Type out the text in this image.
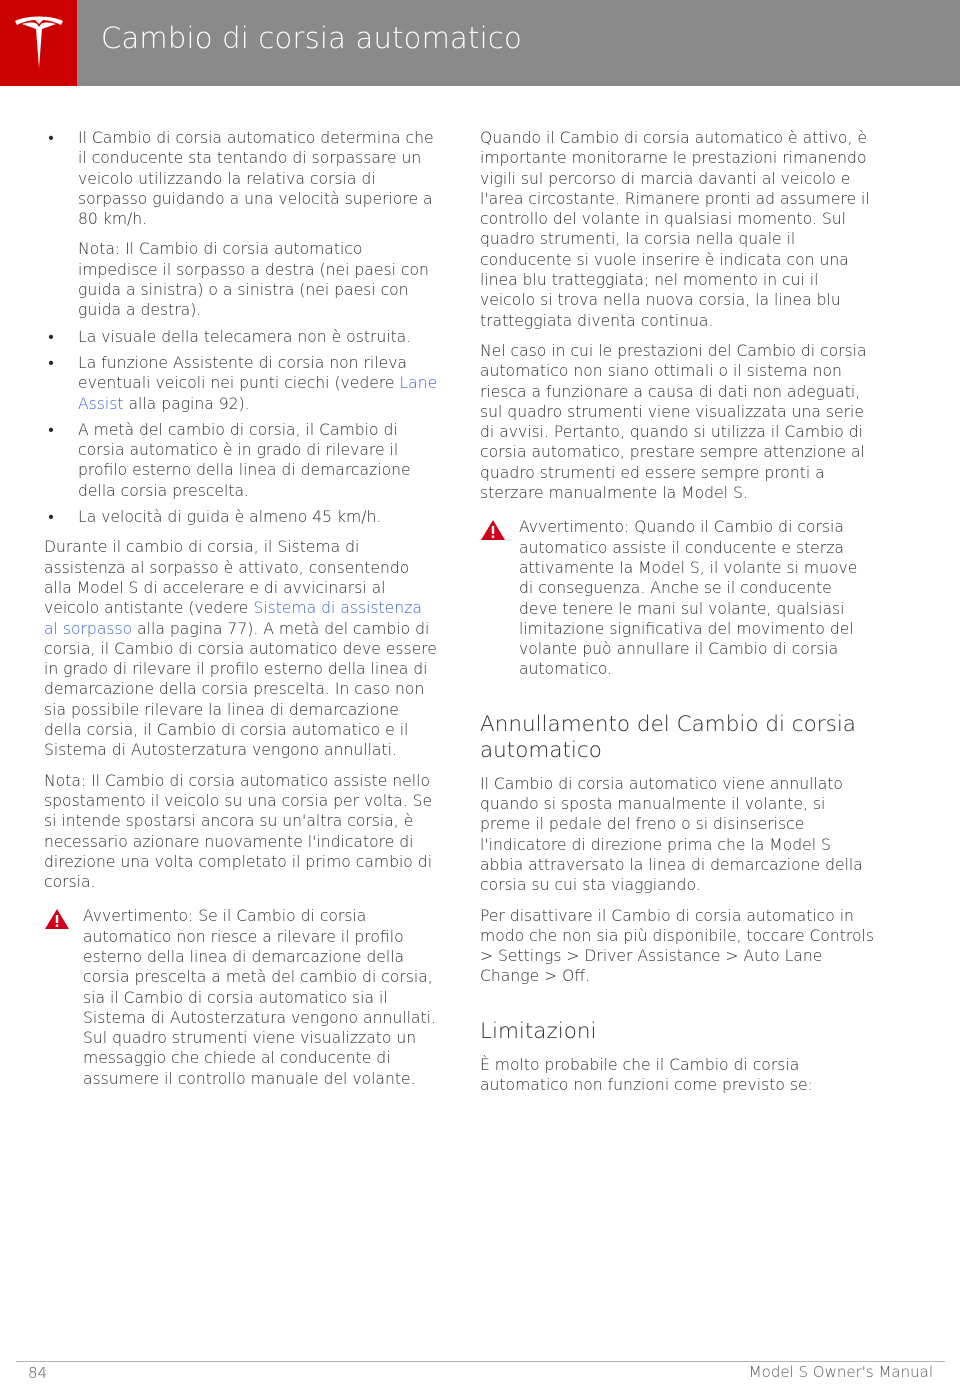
Cambio di corsia automatico
• Il Cambio di corsia automatico determina che il conducente sta tentando di sorpassare un veicolo utilizzando la relativa corsia di sorpasso guidando a una velocità superiore a 80 km/h.
Nota: Il Cambio di corsia automatico impedisce il sorpasso a destra (nei paesi con guida a sinistra) o a sinistra (nei paesi con guida a destra).
• La visuale della telecamera non è ostruita.
• La funzione Assistente di corsia non rileva eventuali veicoli nei punti ciechi (vedere Lane Assist alla pagina 92).
• A metà del cambio di corsia, il Cambio di corsia automatico è in grado di rilevare il profilo esterno della linea di demarcazione della corsia prescelta.
• La velocità di guida è almeno 45 km/h.

Durante il cambio di corsia, il Sistema di assistenza al sorpasso è attivato, consentendo alla Model S di accelerare e di avvicinarsi al veicolo antistante (vedere Sistema di assistenza al sorpasso alla pagina 77). A metà del cambio di corsia, il Cambio di corsia automatico deve essere in grado di rilevare il profilo esterno della linea di demarcazione della corsia prescelta. In caso non sia possibile rilevare la linea di demarcazione della corsia, il Cambio di corsia automatico e il Sistema di Autosterzatura vengono annullati.

Nota: Il Cambio di corsia automatico assiste nello spostamento il veicolo su una corsia per volta. Se si intende spostarsi ancora su un'altra corsia, è necessario azionare nuovamente l'indicatore di direzione una volta completato il primo cambio di corsia.

Avvertimento: Se il Cambio di corsia automatico non riesce a rilevare il profilo esterno della linea di demarcazione della corsia prescelta a metà del cambio di corsia, sia il Cambio di corsia automatico sia il Sistema di Autosterzatura vengono annullati. Sul quadro strumenti viene visualizzato un messaggio che chiede al conducente di assumere il controllo manuale del volante.

Quando il Cambio di corsia automatico è attivo, è importante monitorarne le prestazioni rimanendo vigili sul percorso di marcia davanti al veicolo e l'area circostante. Rimanere pronti ad assumere il controllo del volante in qualsiasi momento. Sul quadro strumenti, la corsia nella quale il conducente si vuole inserire è indicata con una linea blu tratteggiata; nel momento in cui il veicolo si trova nella nuova corsia, la linea blu tratteggiata diventa continua.

Nel caso in cui le prestazioni del Cambio di corsia automatico non siano ottimali o il sistema non riesca a funzionare a causa di dati non adeguati, sul quadro strumenti viene visualizzata una serie di avvisi. Pertanto, quando si utilizza il Cambio di corsia automatico, prestare sempre attenzione al quadro strumenti ed essere sempre pronti a sterzare manualmente la Model S.

Avvertimento: Quando il Cambio di corsia automatico assiste il conducente e sterza attivamente la Model S, il volante si muove di conseguenza. Anche se il conducente deve tenere le mani sul volante, qualsiasi limitazione significativa del movimento del volante può annullare il Cambio di corsia automatico.
Annullamento del Cambio di corsia automatico

Il Cambio di corsia automatico viene annullato quando si sposta manualmente il volante, si preme il pedale del freno o si disinserisce l'indicatore di direzione prima che la Model S abbia attraversato la linea di demarcazione della corsia su cui sta viaggiando.

Per disattivare il Cambio di corsia automatico in modo che non sia più disponibile, toccare Controls > Settings > Driver Assistance > Auto Lane Change > Off.

Limitazioni

È molto probabile che il Cambio di corsia automatico non funzioni come previsto se:

84	Model S Owner's Manual
